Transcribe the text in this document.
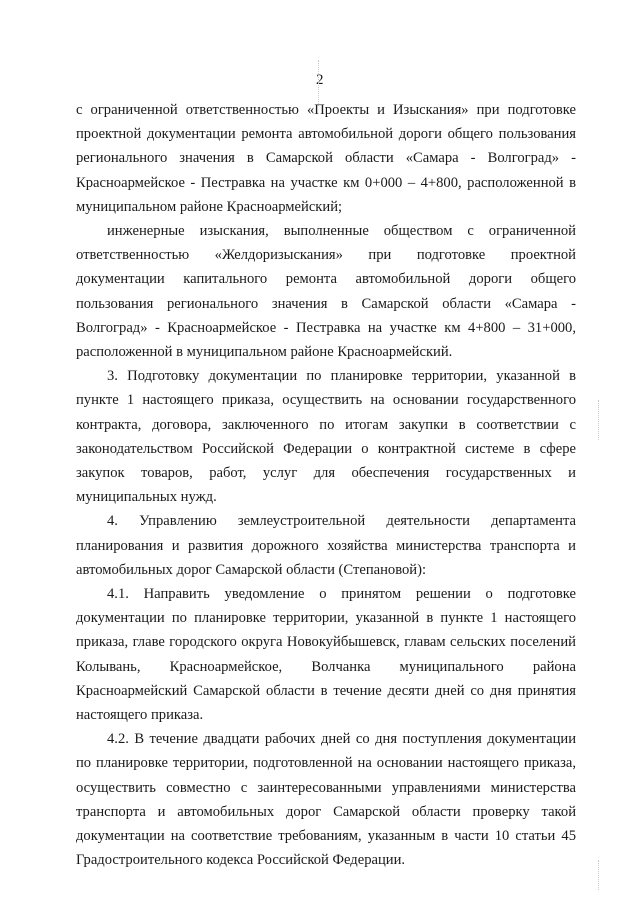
2

с ограниченной ответственностью «Проекты и Изыскания» при подготовке проектной документации ремонта автомобильной дороги общего пользования регионального значения в Самарской области «Самара - Волгоград» - Красноармейское - Пестравка на участке км 0+000 – 4+800, расположенной в муниципальном районе Красноармейский;

инженерные изыскания, выполненные обществом с ограниченной ответственностью «Желдоризыскания» при подготовке проектной документации капитального ремонта автомобильной дороги общего пользования регионального значения в Самарской области «Самара - Волгоград» - Красноармейское - Пестравка на участке км 4+800 – 31+000, расположенной в муниципальном районе Красноармейский.

3. Подготовку документации по планировке территории, указанной в пункте 1 настоящего приказа, осуществить на основании государственного контракта, договора, заключенного по итогам закупки в соответствии с законодательством Российской Федерации о контрактной системе в сфере закупок товаров, работ, услуг для обеспечения государственных и муниципальных нужд.

4. Управлению землеустроительной деятельности департамента планирования и развития дорожного хозяйства министерства транспорта и автомобильных дорог Самарской области (Степановой):

4.1. Направить уведомление о принятом решении о подготовке документации по планировке территории, указанной в пункте 1 настоящего приказа, главе городского округа Новокуйбышевск, главам сельских поселений Колывань, Красноармейское, Волчанка муниципального района Красноармейский Самарской области в течение десяти дней со дня принятия настоящего приказа.

4.2. В течение двадцати рабочих дней со дня поступления документации по планировке территории, подготовленной на основании настоящего приказа, осуществить совместно с заинтересованными управлениями министерства транспорта и автомобильных дорог Самарской области проверку такой документации на соответствие требованиям, указанным в части 10 статьи 45 Градостроительного кодекса Российской Федерации.
